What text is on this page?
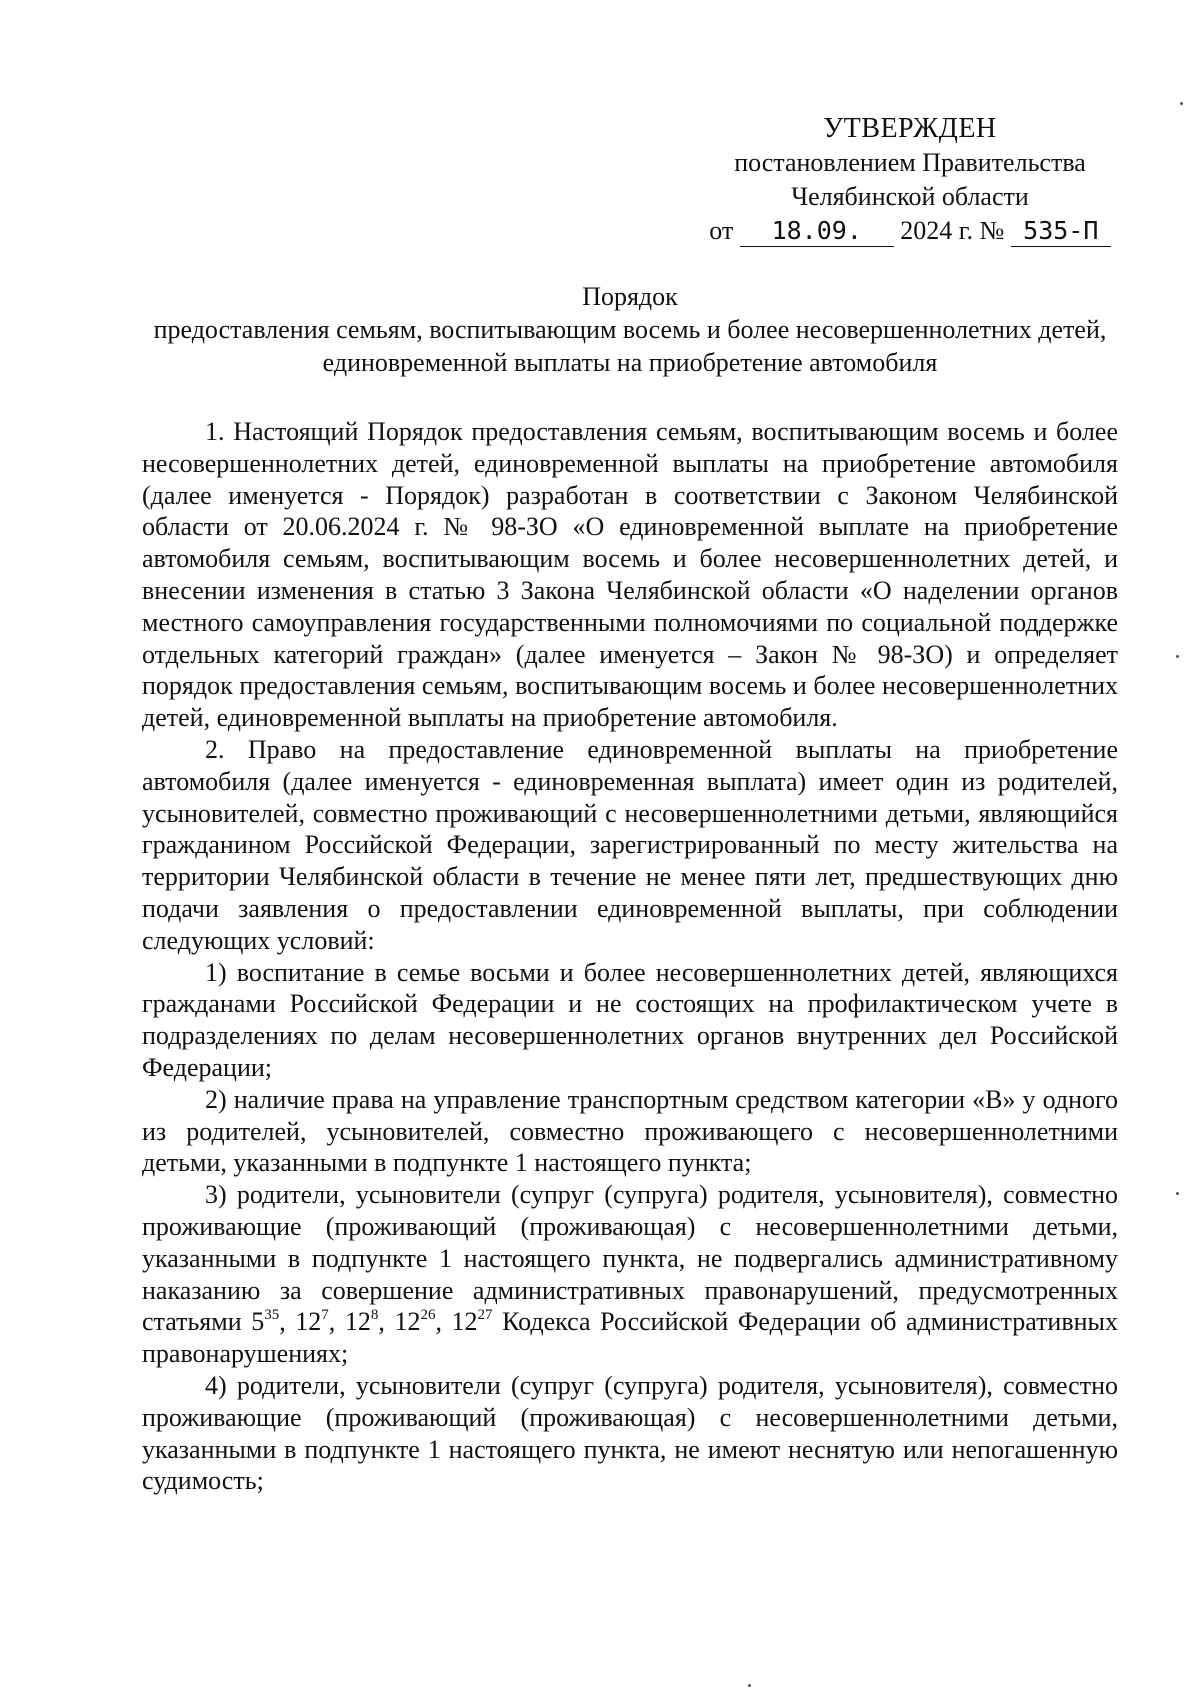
УТВЕРЖДЕН
постановлением Правительства
Челябинской области
от 18.09. 2024 г. № 535-П
Порядок
предоставления семьям, воспитывающим восемь и более несовершеннолетних детей, единовременной выплаты на приобретение автомобиля

1. Настоящий Порядок предоставления семьям, воспитывающим восемь и более несовершеннолетних детей, единовременной выплаты на приобретение автомобиля (далее именуется - Порядок) разработан в соответствии с Законом Челябинской области от 20.06.2024 г. № 98-ЗО «О единовременной выплате на приобретение автомобиля семьям, воспитывающим восемь и более несовершеннолетних детей, и внесении изменения в статью 3 Закона Челябинской области «О наделении органов местного самоуправления государственными полномочиями по социальной поддержке отдельных категорий граждан» (далее именуется – Закон № 98-ЗО) и определяет порядок предоставления семьям, воспитывающим восемь и более несовершеннолетних детей, единовременной выплаты на приобретение автомобиля.

2. Право на предоставление единовременной выплаты на приобретение автомобиля (далее именуется - единовременная выплата) имеет один из родителей, усыновителей, совместно проживающий с несовершеннолетними детьми, являющийся гражданином Российской Федерации, зарегистрированный по месту жительства на территории Челябинской области в течение не менее пяти лет, предшествующих дню подачи заявления о предоставлении единовременной выплаты, при соблюдении следующих условий:

1) воспитание в семье восьми и более несовершеннолетних детей, являющихся гражданами Российской Федерации и не состоящих на профилактическом учете в подразделениях по делам несовершеннолетних органов внутренних дел Российской Федерации;

2) наличие права на управление транспортным средством категории «В» у одного из родителей, усыновителей, совместно проживающего с несовершеннолетними детьми, указанными в подпункте 1 настоящего пункта;

3) родители, усыновители (супруг (супруга) родителя, усыновителя), совместно проживающие (проживающий (проживающая) с несовершеннолетними детьми, указанными в подпункте 1 настоящего пункта, не подвергались административному наказанию за совершение административных правонарушений, предусмотренных статьями $5^{35}$, $12^7$, $12^8$, $12^{26}$, $12^{27}$ Кодекса Российской Федерации об административных правонарушениях;

4) родители, усыновители (супруг (супруга) родителя, усыновителя), совместно проживающие (проживающий (проживающая) с несовершеннолетними детьми, указанными в подпункте 1 настоящего пункта, не имеют неснятую или непогашенную судимость;
